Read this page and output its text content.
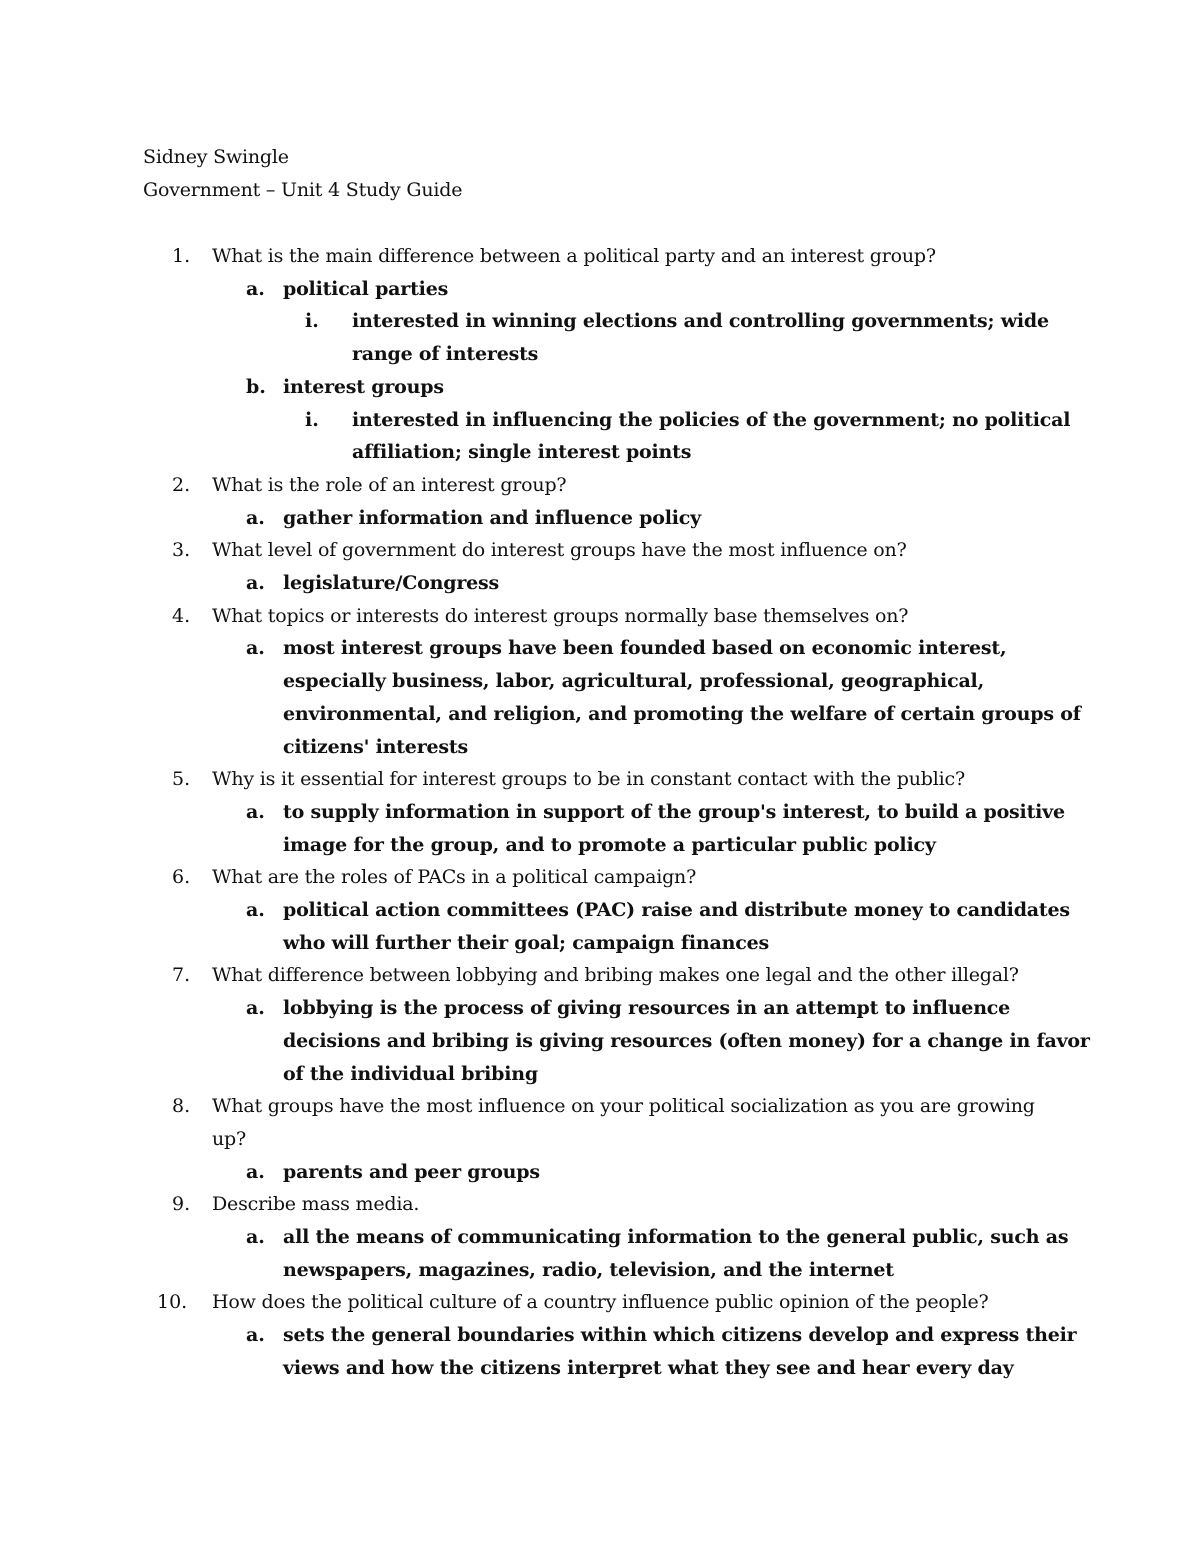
Sidney Swingle
Government – Unit 4 Study Guide
1. What is the main difference between a political party and an interest group?
a. political parties
i. interested in winning elections and controlling governments; wide
range of interests
b. interest groups
i. interested in influencing the policies of the government; no political
affiliation; single interest points
2. What is the role of an interest group?
a. gather information and influence policy
3. What level of government do interest groups have the most influence on?
a. legislature/Congress
4. What topics or interests do interest groups normally base themselves on?
a. most interest groups have been founded based on economic interest,
especially business, labor, agricultural, professional, geographical,
environmental, and religion, and promoting the welfare of certain groups of
citizens' interests
5. Why is it essential for interest groups to be in constant contact with the public?
a. to supply information in support of the group's interest, to build a positive
image for the group, and to promote a particular public policy
6. What are the roles of PACs in a political campaign?
a. political action committees (PAC) raise and distribute money to candidates
who will further their goal; campaign finances
7. What difference between lobbying and bribing makes one legal and the other illegal?
a. lobbying is the process of giving resources in an attempt to influence
decisions and bribing is giving resources (often money) for a change in favor
of the individual bribing
8. What groups have the most influence on your political socialization as you are growing
up?
a. parents and peer groups
9. Describe mass media.
a. all the means of communicating information to the general public, such as
newspapers, magazines, radio, television, and the internet
10. How does the political culture of a country influence public opinion of the people?
a. sets the general boundaries within which citizens develop and express their
views and how the citizens interpret what they see and hear every day
